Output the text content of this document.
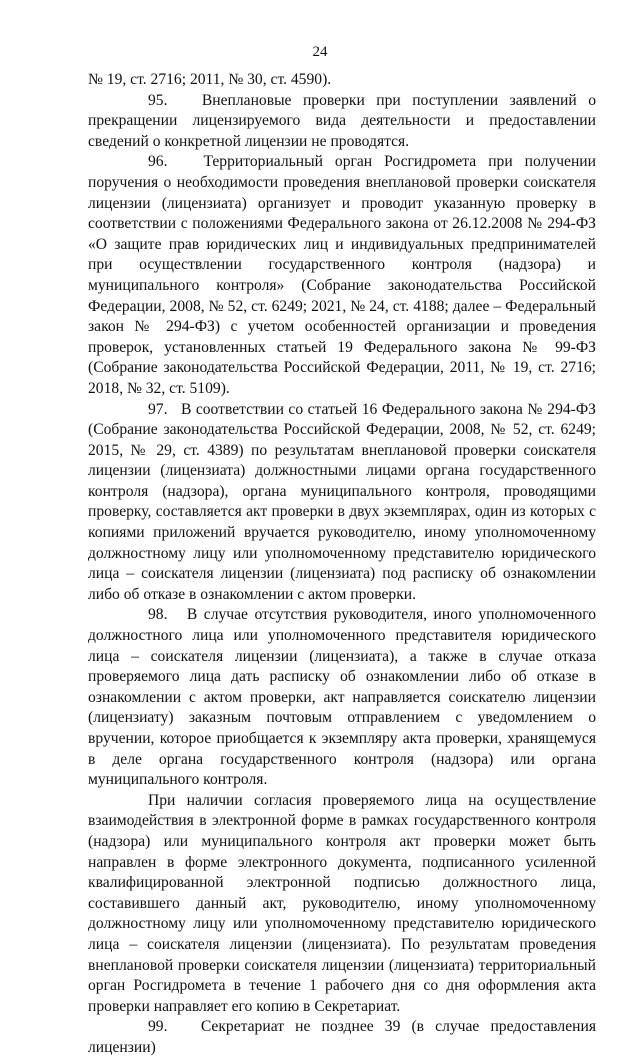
24

№ 19, ст. 2716; 2011, № 30, ст. 4590).

95.   Внеплановые проверки при поступлении заявлений о прекращении лицензируемого вида деятельности и предоставлении сведений о конкретной лицензии не проводятся.

96.   Территориальный орган Росгидромета при получении поручения о необходимости проведения внеплановой проверки соискателя лицензии (лицензиата) организует и проводит указанную проверку в соответствии с положениями Федерального закона от 26.12.2008 № 294-ФЗ «О защите прав юридических лиц и индивидуальных предпринимателей при осуществлении государственного контроля (надзора) и муниципального контроля» (Собрание законодательства Российской Федерации, 2008, № 52, ст. 6249; 2021, № 24, ст. 4188; далее – Федеральный закон № 294-ФЗ) с учетом особенностей организации и проведения проверок, установленных статьей 19 Федерального закона № 99-ФЗ (Собрание законодательства Российской Федерации, 2011, № 19, ст. 2716; 2018, № 32, ст. 5109).

97.   В соответствии со статьей 16 Федерального закона № 294-ФЗ (Собрание законодательства Российской Федерации, 2008, № 52, ст. 6249; 2015, № 29, ст. 4389) по результатам внеплановой проверки соискателя лицензии (лицензиата) должностными лицами органа государственного контроля (надзора), органа муниципального контроля, проводящими проверку, составляется акт проверки в двух экземплярах, один из которых с копиями приложений вручается руководителю, иному уполномоченному должностному лицу или уполномоченному представителю юридического лица – соискателя лицензии (лицензиата) под расписку об ознакомлении либо об отказе в ознакомлении с актом проверки.

98.   В случае отсутствия руководителя, иного уполномоченного должностного лица или уполномоченного представителя юридического лица – соискателя лицензии (лицензиата), а также в случае отказа проверяемого лица дать расписку об ознакомлении либо об отказе в ознакомлении с актом проверки, акт направляется соискателю лицензии (лицензиату) заказным почтовым отправлением с уведомлением о вручении, которое приобщается к экземпляру акта проверки, хранящемуся в деле органа государственного контроля (надзора) или органа муниципального контроля.

При наличии согласия проверяемого лица на осуществление взаимодействия в электронной форме в рамках государственного контроля (надзора) или муниципального контроля акт проверки может быть направлен в форме электронного документа, подписанного усиленной квалифицированной электронной подписью должностного лица, составившего данный акт, руководителю, иному уполномоченному должностному лицу или уполномоченному представителю юридического лица – соискателя лицензии (лицензиата). По результатам проведения внеплановой проверки соискателя лицензии (лицензиата) территориальный орган Росгидромета в течение 1 рабочего дня со дня оформления акта проверки направляет его копию в Секретариат.

99.   Секретариат не позднее 39 (в случае предоставления лицензии)
